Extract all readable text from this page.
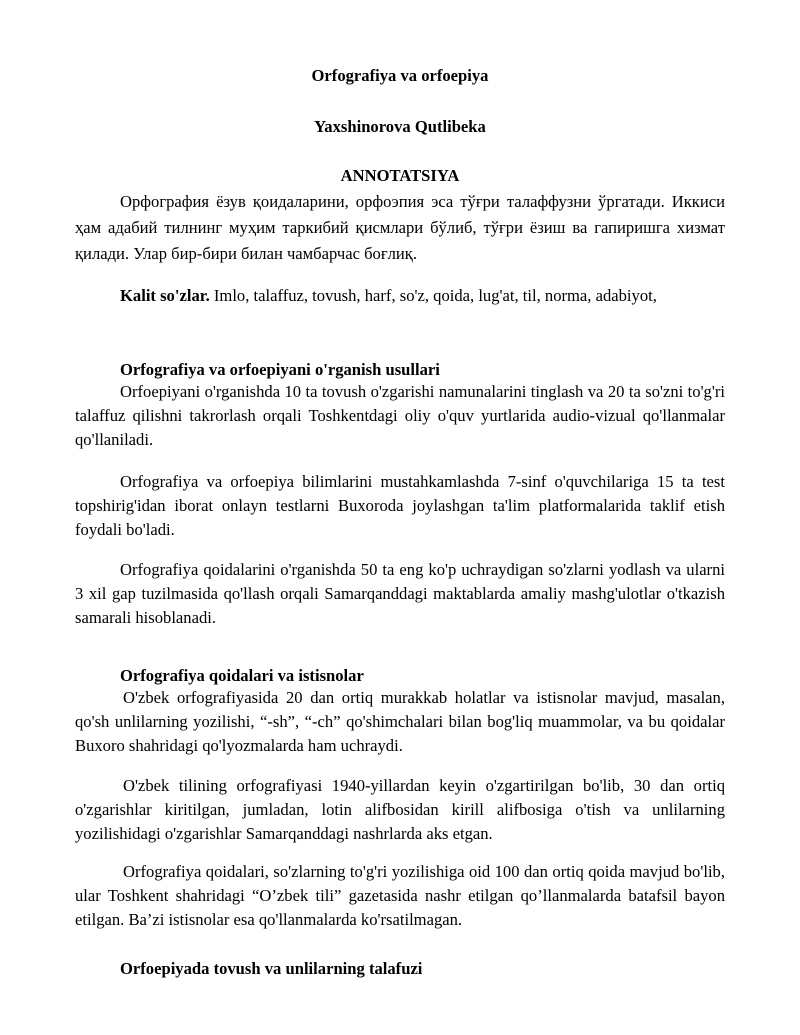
Orfografiya va orfoepiya
Yaxshinorova Qutlibeka
ANNOTATSIYA
Орфография ёзув қоидаларини, орфоэпия эса тўғри талаффузни ўргатади. Иккиси ҳам адабий тилнинг муҳим таркибий қисмлари бўлиб, тўғри ёзиш ва гапиришга хизмат қилади. Улар бир-бири билан чамбарчас боғлиқ.
Kalit so'zlar. Imlo, talaffuz, tovush, harf, so'z, qoida, lug'at, til, norma, adabiyot,
Orfografiya va orfoepiyani o'rganish usullari
Orfoepiyani o'rganishda 10 ta tovush o'zgarishi namunalarini tinglash va 20 ta so'zni to'g'ri talaffuz qilishni takrorlash orqali Toshkentdagi oliy o'quv yurtlarida audio-vizual qo'llanmalar qo'llaniladi.
Orfografiya va orfoepiya bilimlarini mustahkamlashda 7-sinf o'quvchilariga 15 ta test topshirig'idan iborat onlayn testlarni Buxoroda joylashgan ta'lim platformalarida taklif etish foydali bo'ladi.
Orfografiya qoidalarini o'rganishda 50 ta eng ko'p uchraydigan so'zlarni yodlash va ularni 3 xil gap tuzilmasida qo'llash orqali Samarqanddagi maktablarda amaliy mashg'ulotlar o'tkazish samarali hisoblanadi.
Orfografiya qoidalari va istisnolar
O'zbek orfografiyasida 20 dan ortiq murakkab holatlar va istisnolar mavjud, masalan, qo'sh unlilarning yozilishi, “-sh”, “-ch” qo'shimchalari bilan bog'liq muammolar, va bu qoidalar Buxoro shahridagi qo'lyozmalarda ham uchraydi.
O'zbek tilining orfografiyasi 1940-yillardan keyin o'zgartirilgan bo'lib, 30 dan ortiq o'zgarishlar kiritilgan, jumladan, lotin alifbosidan kirill alifbosiga o'tish va unlilarning yozilishidagi o'zgarishlar Samarqanddagi nashrlarda aks etgan.
Orfografiya qoidalari, so'zlarning to'g'ri yozilishiga oid 100 dan ortiq qoida mavjud bo'lib, ular Toshkent shahridagi “O’zbek tili” gazetasida nashr etilgan qo’llanmalarda batafsil bayon etilgan. Ba’zi istisnolar esa qo'llanmalarda ko'rsatilmagan.
Orfoepiyada tovush va unlilarning talafuzi
